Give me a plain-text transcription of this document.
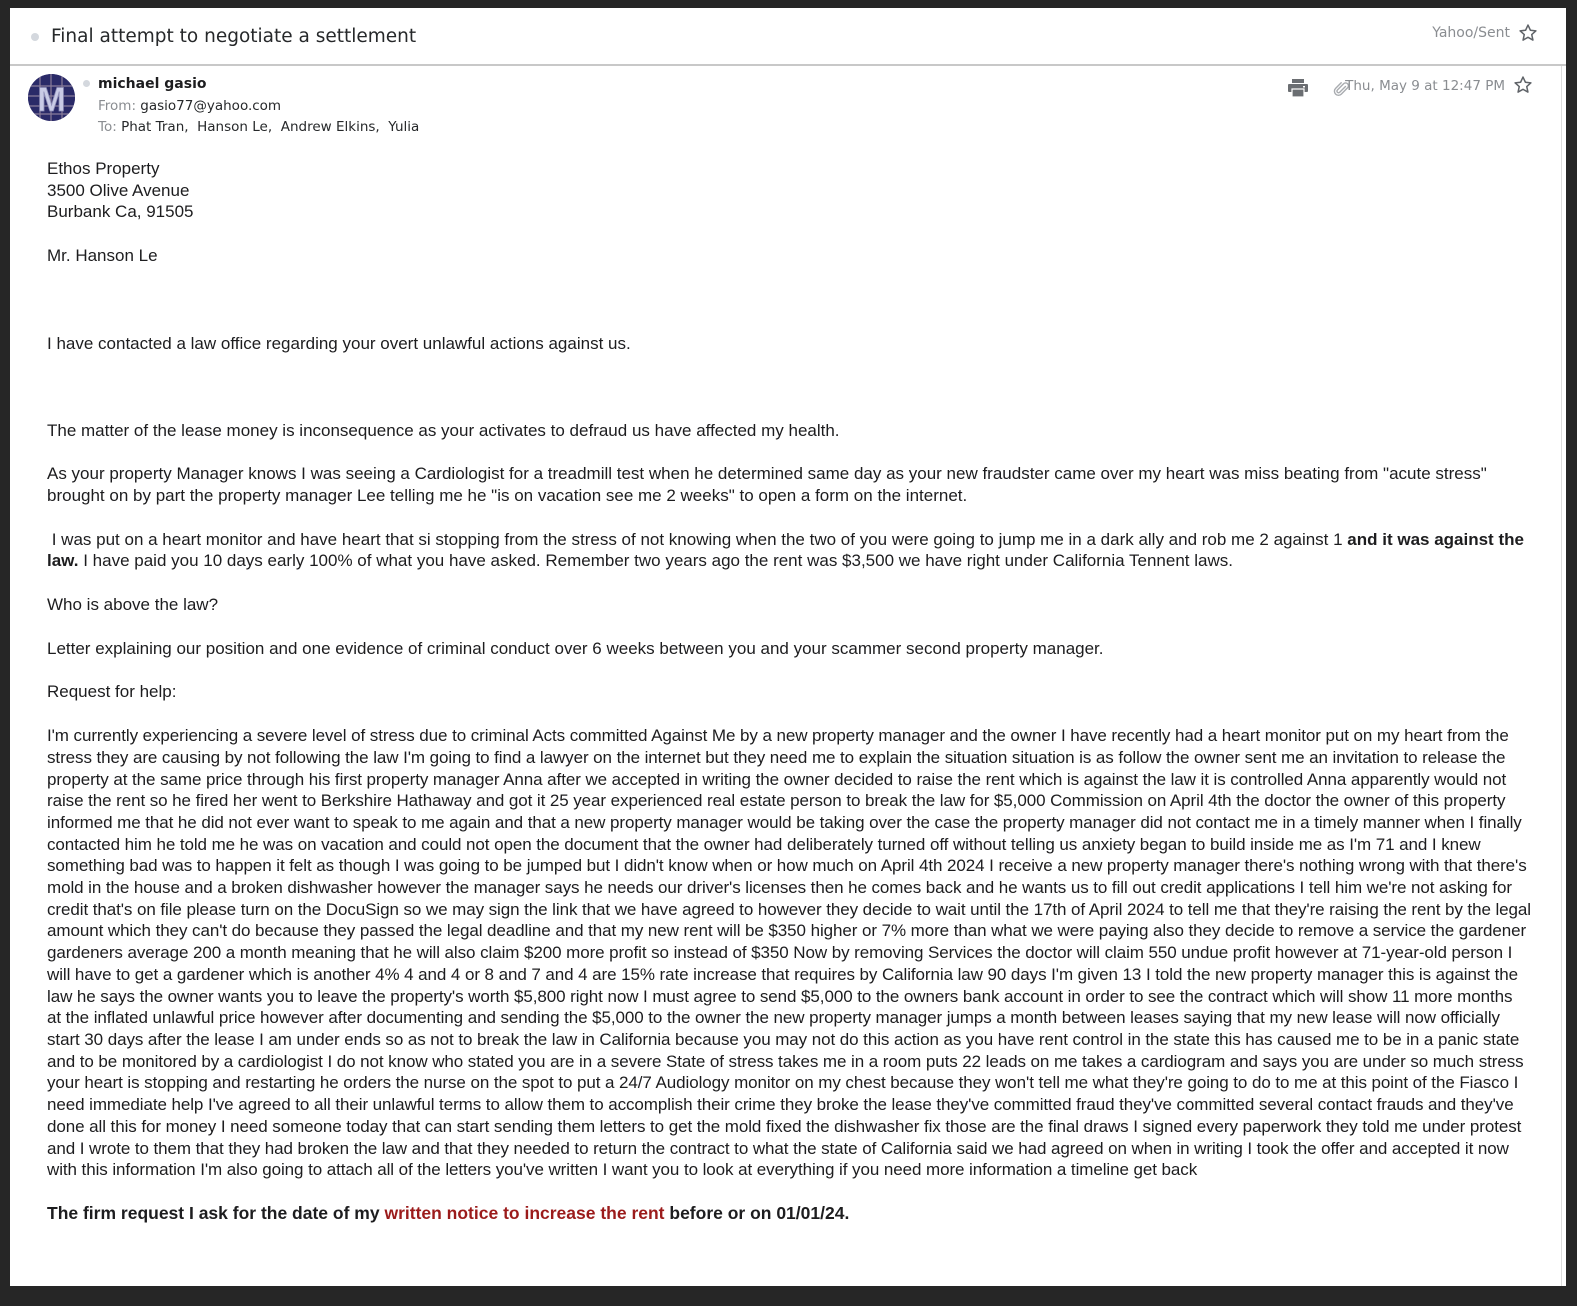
Final attempt to negotiate a settlement	Yahoo/Sent
M michael gasio
From: gasio77@yahoo.com
To: Phat Tran,  Hanson Le,  Andrew Elkins,  Yulia
Thu, May 9 at 12:47 PM

Ethos Property

3500 Olive Avenue

Burbank Ca, 91505

Mr. Hanson Le

I have contacted a law office regarding your overt unlawful actions against us.

The matter of the lease money is inconsequence as your activates to defraud us have affected my health.

As your property Manager knows I was seeing a Cardiologist for a treadmill test when he determined same day as your new fraudster came over my heart was miss beating from "acute stress" brought on by part the property manager Lee telling me he "is on vacation see me 2 weeks" to open a form on the internet.

I was put on a heart monitor and have heart that si stopping from the stress of not knowing when the two of you were going to jump me in a dark ally and rob me 2 against 1 and it was against the law. I have paid you 10 days early 100% of what you have asked. Remember two years ago the rent was $3,500 we have right under California Tennent laws.

Who is above the law?

Letter explaining our position and one evidence of criminal conduct over 6 weeks between you and your scammer second property manager.

Request for help:

I'm currently experiencing a severe level of stress due to criminal Acts committed Against Me by a new property manager and the owner I have recently had a heart monitor put on my heart from the stress they are causing by not following the law I'm going to find a lawyer on the internet but they need me to explain the situation situation is as follow the owner sent me an invitation to release the property at the same price through his first property manager Anna after we accepted in writing the owner decided to raise the rent which is against the law it is controlled Anna apparently would not raise the rent so he fired her went to Berkshire Hathaway and got it 25 year experienced real estate person to break the law for $5,000 Commission on April 4th the doctor the owner of this property informed me that he did not ever want to speak to me again and that a new property manager would be taking over the case the property manager did not contact me in a timely manner when I finally contacted him he told me he was on vacation and could not open the document that the owner had deliberately turned off without telling us anxiety began to build inside me as I'm 71 and I knew something bad was to happen it felt as though I was going to be jumped but I didn't know when or how much on April 4th 2024 I receive a new property manager there's nothing wrong with that there's mold in the house and a broken dishwasher however the manager says he needs our driver's licenses then he comes back and he wants us to fill out credit applications I tell him we're not asking for credit that's on file please turn on the DocuSign so we may sign the link that we have agreed to however they decide to wait until the 17th of April 2024 to tell me that they're raising the rent by the legal amount which they can't do because they passed the legal deadline and that my new rent will be $350 higher or 7% more than what we were paying also they decide to remove a service the gardener gardeners average 200 a month meaning that he will also claim $200 more profit so instead of $350 Now by removing Services the doctor will claim 550 undue profit however at 71-year-old person I will have to get a gardener which is another 4% 4 and 4 or 8 and 7 and 4 are 15% rate increase that requires by California law 90 days I'm given 13 I told the new property manager this is against the law he says the owner wants you to leave the property's worth $5,800 right now I must agree to send $5,000 to the owners bank account in order to see the contract which will show 11 more months at the inflated unlawful price however after documenting and sending the $5,000 to the owner the new property manager jumps a month between leases saying that my new lease will now officially start 30 days after the lease I am under ends so as not to break the law in California because you may not do this action as you have rent control in the state this has caused me to be in a panic state and to be monitored by a cardiologist I do not know who stated you are in a severe State of stress takes me in a room puts 22 leads on me takes a cardiogram and says you are under so much stress your heart is stopping and restarting he orders the nurse on the spot to put a 24/7 Audiology monitor on my chest because they won't tell me what they're going to do to me at this point of the Fiasco I need immediate help I've agreed to all their unlawful terms to allow them to accomplish their crime they broke the lease they've committed fraud they've committed several contact frauds and they've done all this for money I need someone today that can start sending them letters to get the mold fixed the dishwasher fix those are the final draws I signed every paperwork they told me under protest and I wrote to them that they had broken the law and that they needed to return the contract to what the state of California said we had agreed on when in writing I took the offer and accepted it now with this information I'm also going to attach all of the letters you've written I want you to look at everything if you need more information a timeline get back

The firm request I ask for the date of my written notice to increase the rent before or on 01/01/24.
